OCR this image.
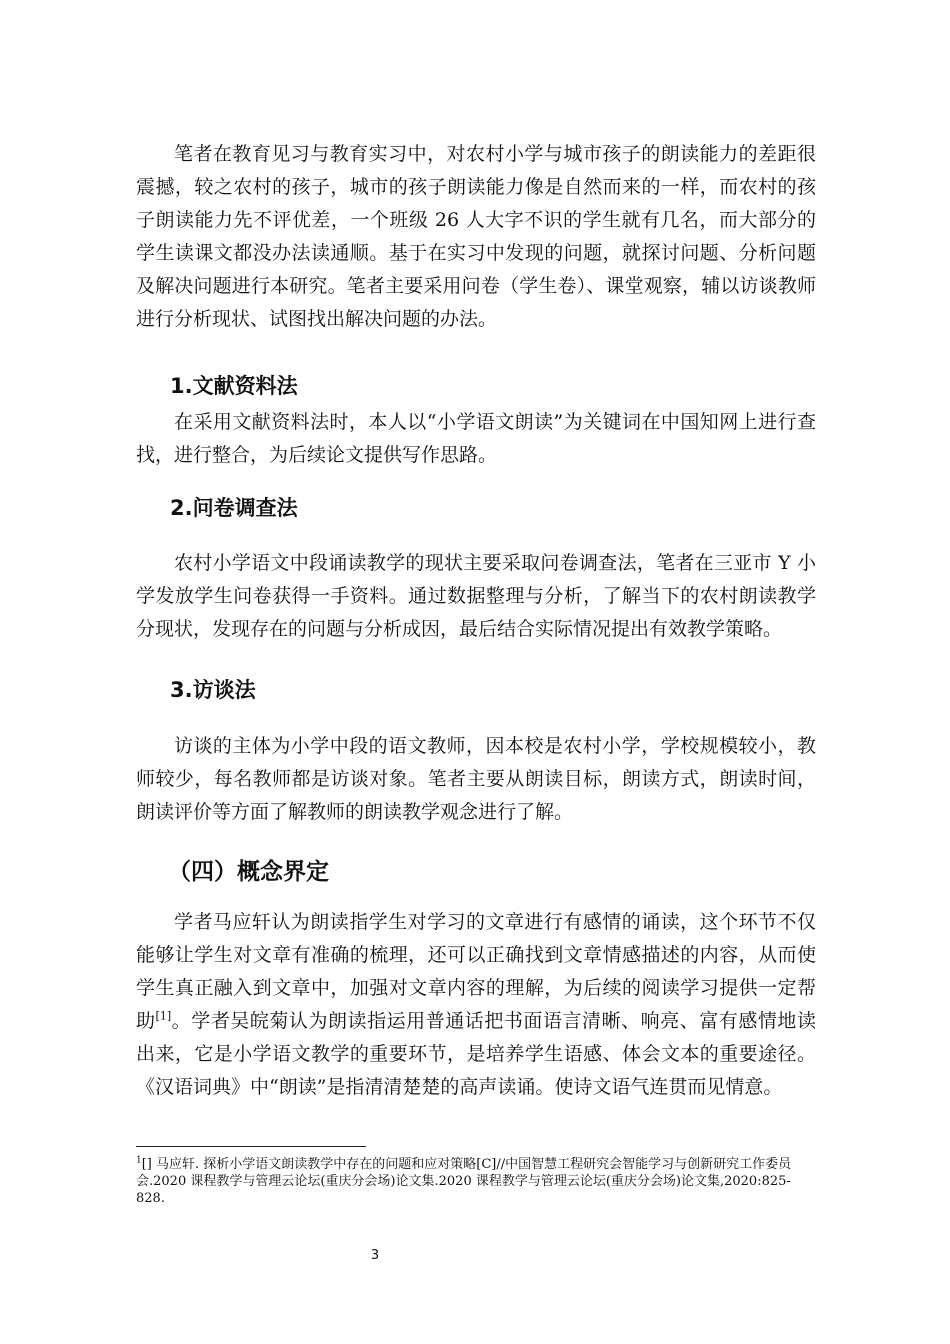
笔者在教育见习与教育实习中，对农村小学与城市孩子的朗读能力的差距很震撼，较之农村的孩子，城市的孩子朗读能力像是自然而来的一样，而农村的孩子朗读能力先不评优差，一个班级 26 人大字不识的学生就有几名，而大部分的学生读课文都没办法读通顺。基于在实习中发现的问题，就探讨问题、分析问题及解决问题进行本研究。笔者主要采用问卷（学生卷）、课堂观察，辅以访谈教师进行分析现状、试图找出解决问题的办法。

1.文献资料法

在采用文献资料法时，本人以“小学语文朗读”为关键词在中国知网上进行查找，进行整合，为后续论文提供写作思路。

2.问卷调查法

农村小学语文中段诵读教学的现状主要采取问卷调查法，笔者在三亚市 Y 小学发放学生问卷获得一手资料。通过数据整理与分析，了解当下的农村朗读教学分现状，发现存在的问题与分析成因，最后结合实际情况提出有效教学策略。

3.访谈法

访谈的主体为小学中段的语文教师，因本校是农村小学，学校规模较小，教师较少，每名教师都是访谈对象。笔者主要从朗读目标，朗读方式，朗读时间，朗读评价等方面了解教师的朗读教学观念进行了解。

（四）概念界定

学者马应轩认为朗读指学生对学习的文章进行有感情的诵读，这个环节不仅能够让学生对文章有准确的梳理，还可以正确找到文章情感描述的内容，从而使学生真正融入到文章中，加强对文章内容的理解，为后续的阅读学习提供一定帮助[1]。学者吴皖菊认为朗读指运用普通话把书面语言清晰、响亮、富有感情地读出来，它是小学语文教学的重要环节，是培养学生语感、体会文本的重要途径。《汉语词典》中“朗读”是指清清楚楚的高声读诵。使诗文语气连贯而见情意。

$^1$[] 马应轩. 探析小学语文朗读教学中存在的问题和应对策略[C]//中国智慧工程研究会智能学习与创新研究工作委员会.2020 课程教学与管理云论坛(重庆分会场)论文集.2020 课程教学与管理云论坛(重庆分会场)论文集,2020:825-828.

3
